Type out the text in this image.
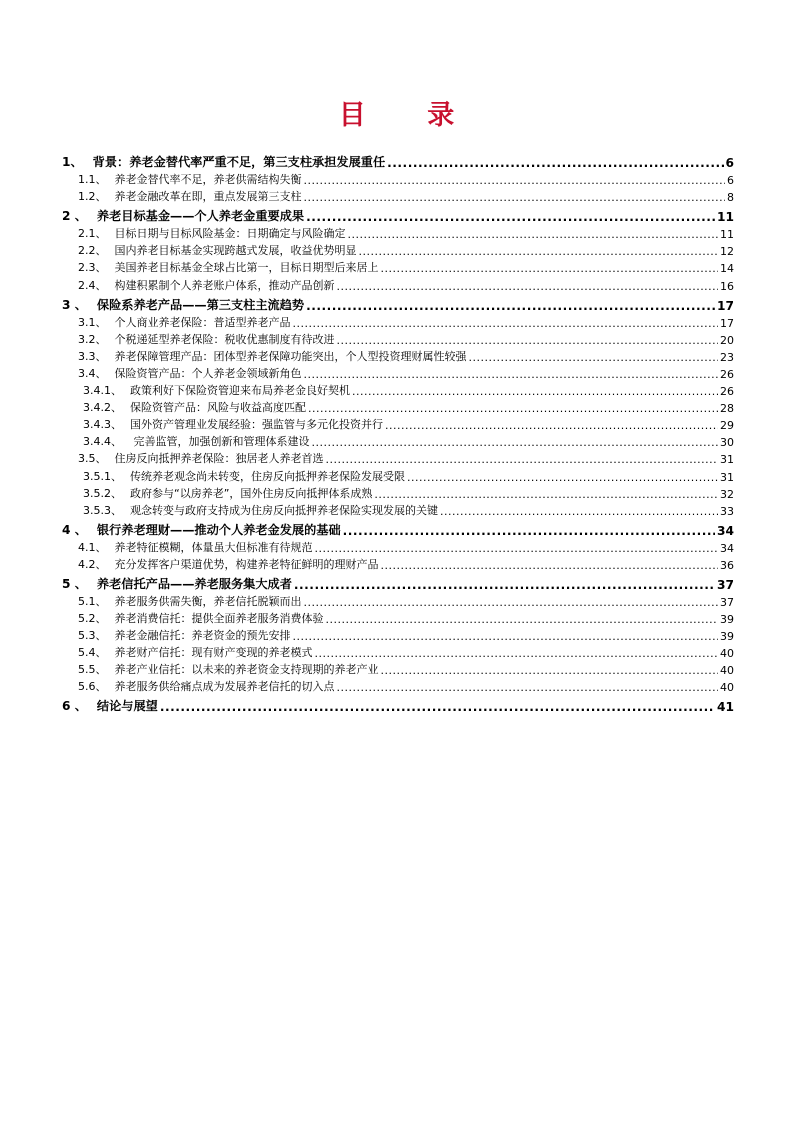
目 录
1、 背景：养老金替代率严重不足，第三支柱承担发展重任 .....	6
1.1、 养老金替代率不足，养老供需结构失衡 .....	6
1.2、 养老金融改革在即，重点发展第三支柱 .....	8
2 、 养老目标基金——个人养老金重要成果 .....	11
2.1、 目标日期与目标风险基金：日期确定与风险确定 .....	11
2.2、 国内养老目标基金实现跨越式发展，收益优势明显 .....	12
2.3、 美国养老目标基金全球占比第一，目标日期型后来居上 .....	14
2.4、 构建积累制个人养老账户体系，推动产品创新 .....	16
3 、 保险系养老产品——第三支柱主流趋势 .....	17
3.1、 个人商业养老保险：普适型养老产品 .....	17
3.2、 个税递延型养老保险：税收优惠制度有待改进 .....	20
3.3、 养老保障管理产品：团体型养老保障功能突出，个人型投资理财属性较强 .....	23
3.4、 保险资管产品：个人养老金领域新角色 .....	26
3.4.1、 政策利好下保险资管迎来布局养老金良好契机 .....	26
3.4.2、 保险资管产品：风险与收益高度匹配 .....	28
3.4.3、 国外资产管理业发展经验：强监管与多元化投资并行 .....	29
3.4.4、 完善监管，加强创新和管理体系建设 .....	30
3.5、 住房反向抵押养老保险：独居老人养老首选 .....	31
3.5.1、 传统养老观念尚未转变，住房反向抵押养老保险发展受限 .....	31
3.5.2、 政府参与“以房养老”，国外住房反向抵押体系成熟 .....	32
3.5.3、 观念转变与政府支持成为住房反向抵押养老保险实现发展的关键 .....	33
4 、 银行养老理财——推动个人养老金发展的基础 .....	34
4.1、 养老特征模糊，体量虽大但标准有待规范 .....	34
4.2、 充分发挥客户渠道优势，构建养老特征鲜明的理财产品 .....	36
5 、 养老信托产品——养老服务集大成者 .....	37
5.1、 养老服务供需失衡，养老信托脱颖而出 .....	37
5.2、 养老消费信托：提供全面养老服务消费体验 .....	39
5.3、 养老金融信托：养老资金的预先安排 .....	39
5.4、 养老财产信托：现有财产变现的养老模式 .....	40
5.5、 养老产业信托：以未来的养老资金支持现期的养老产业 .....	40
5.6、 养老服务供给痛点成为发展养老信托的切入点 .....	40
6 、 结论与展望 .....	41
